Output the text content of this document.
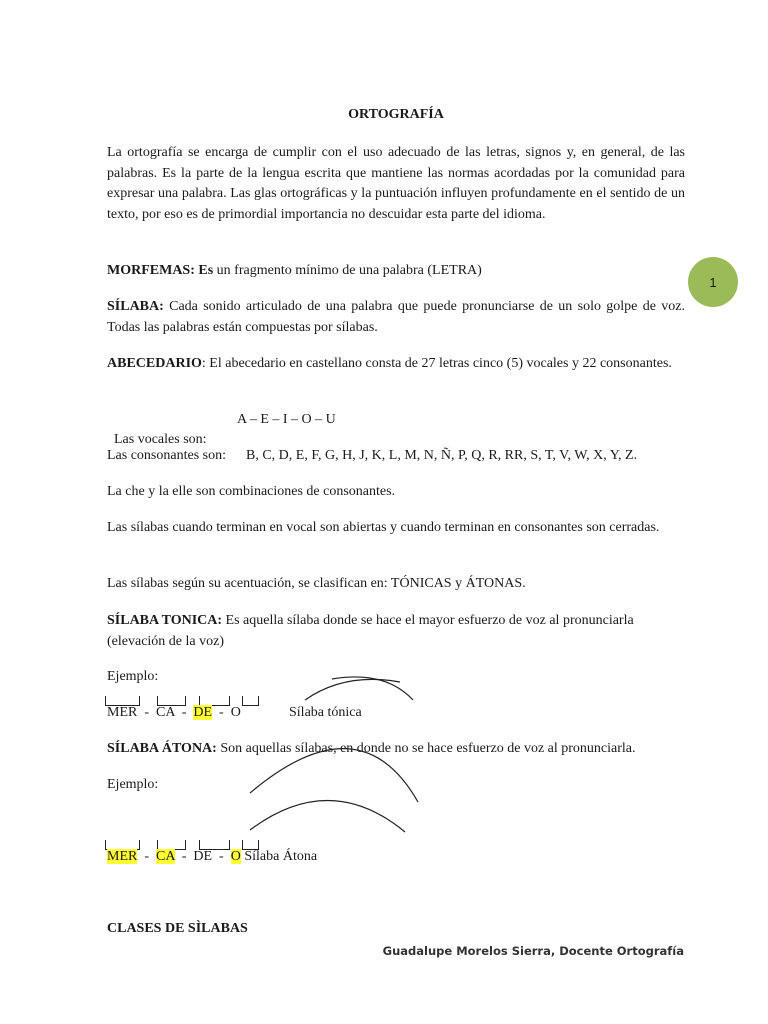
ORTOGRAFÍA
La ortografía se encarga de cumplir con el uso adecuado de las letras, signos y, en general, de las palabras. Es la parte de la lengua escrita que mantiene las normas acordadas por la comunidad para expresar una palabra. Las glas ortográficas y la puntuación influyen profundamente en el sentido de un texto, por eso es de primordial importancia no descuidar esta parte del idioma.
MORFEMAS: Es un fragmento mínimo de una palabra (LETRA)
SÍLABA: Cada sonido articulado de una palabra que puede pronunciarse de un solo golpe de voz. Todas las palabras están compuestas por sílabas.
ABECEDARIO: El abecedario en castellano consta de 27 letras cinco (5) vocales y 22 consonantes.

Las vocales son:

A – E – I – O – U
Las consonantes son: B, C, D, E, F, G, H, J, K, L, M, N, Ñ, P, Q, R, RR, S, T, V, W, X, Y, Z.
La che y la elle son combinaciones de consonantes.
Las sílabas cuando terminan en vocal son abiertas y cuando terminan en consonantes son cerradas.
Las sílabas según su acentuación, se clasifican en: TÓNICAS y ÁTONAS.
SÍLABA TONICA: Es aquella sílaba donde se hace el mayor esfuerzo de voz al pronunciarla (elevación de la voz)
Ejemplo:
MER - CA - DE - O	Sílaba tónica
SÍLABA ÁTONA: Son aquellas sílabas, en donde no se hace esfuerzo de voz al pronunciarla.
Ejemplo:
MER - CA - DE - O Sílaba Átona
CLASES DE SÌLABAS
Guadalupe Morelos Sierra, Docente Ortografía
1
